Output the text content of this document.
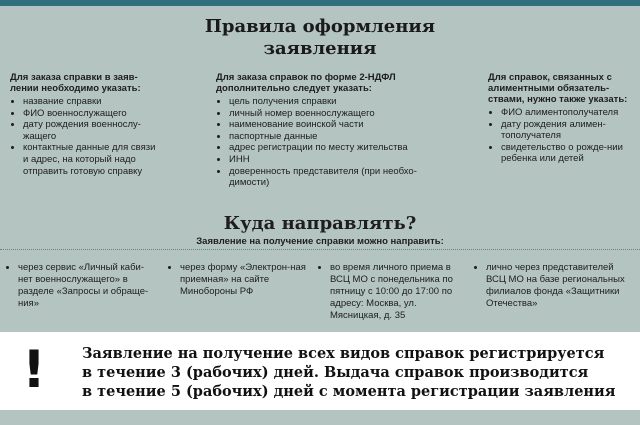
Правила оформления
заявления
Для заказа справки в заяв-лении необходимо указать:
• название справки
• ФИО военнослужащего
• дату рождения военнослу-жащего
• контактные данные для связи и адрес, на который надо отправить готовую справку
Для заказа справок по форме 2-НДФЛ дополнительно следует указать:
• цель получения справки
• личный номер военнослужащего
• наименование воинской части
• паспортные данные
• адрес регистрации по месту жительства
• ИНН
• доверенность представителя (при необхо-димости)
Для справок, связанных с алиментными обязатель-ствами, нужно также указать:
• ФИО алиментополучателя
• дату рождения алимен-тополучателя
• свидетельство о рожде-нии ребенка или детей
Куда направлять?
Заявление на получение справки можно направить:
• через сервис «Личный каби-нет военнослужащего» в разделе «Запросы и обраще-ния»
• через форму «Электрон-ная приемная» на сайте Минобороны РФ
• во время личного приема в ВСЦ МО с понедельника по пятницу с 10:00 до 17:00 по адресу: Москва, ул. Мясницкая, д. 35
• лично через представителей ВСЦ МО на базе региональных филиалов фонда «Защитники Отечества»
! Заявление на получение всех видов справок регистрируется
в течение 3 (рабочих) дней. Выдача справок производится
в течение 5 (рабочих) дней с момента регистрации заявления
